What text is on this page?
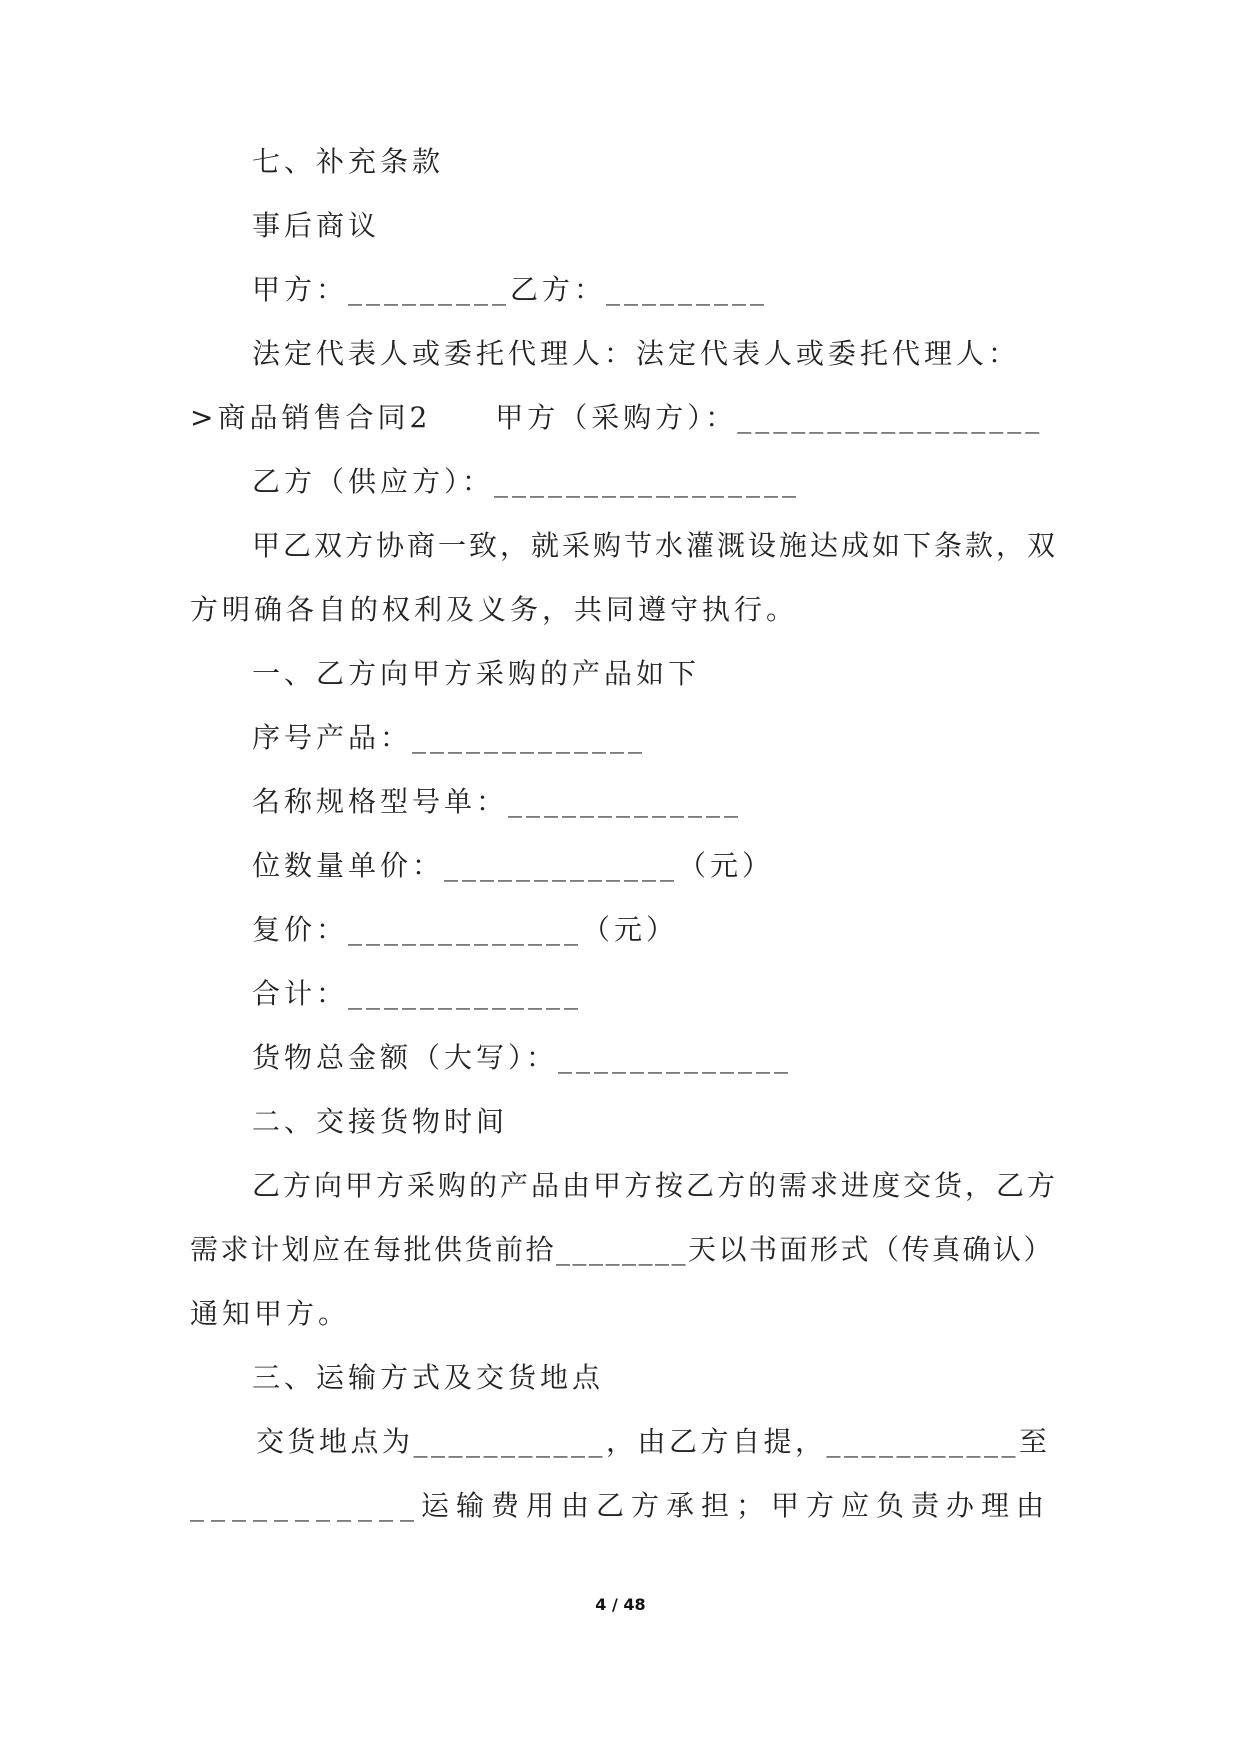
七、补充条款
事后商议
甲方：_________乙方：_________
法定代表人或委托代理人：法定代表人或委托代理人：
>商品销售合同2　　甲方（采购方）：_________________
乙方（供应方）：_________________
甲乙双方协商一致，就采购节水灌溉设施达成如下条款，双
方明确各自的权利及义务，共同遵守执行。
一、乙方向甲方采购的产品如下
序号产品：_____________
名称规格型号单：_____________
位数量单价：_____________（元）
复价：_____________（元）
合计：_____________
货物总金额（大写）：_____________
二、交接货物时间
乙方向甲方采购的产品由甲方按乙方的需求进度交货，乙方
需求计划应在每批供货前拾________天以书面形式（传真确认）
通知甲方。
三、运输方式及交货地点
交货地点为___________，由乙方自提，___________至
___________运输费用由乙方承担；甲方应负责办理由
4 / 48
